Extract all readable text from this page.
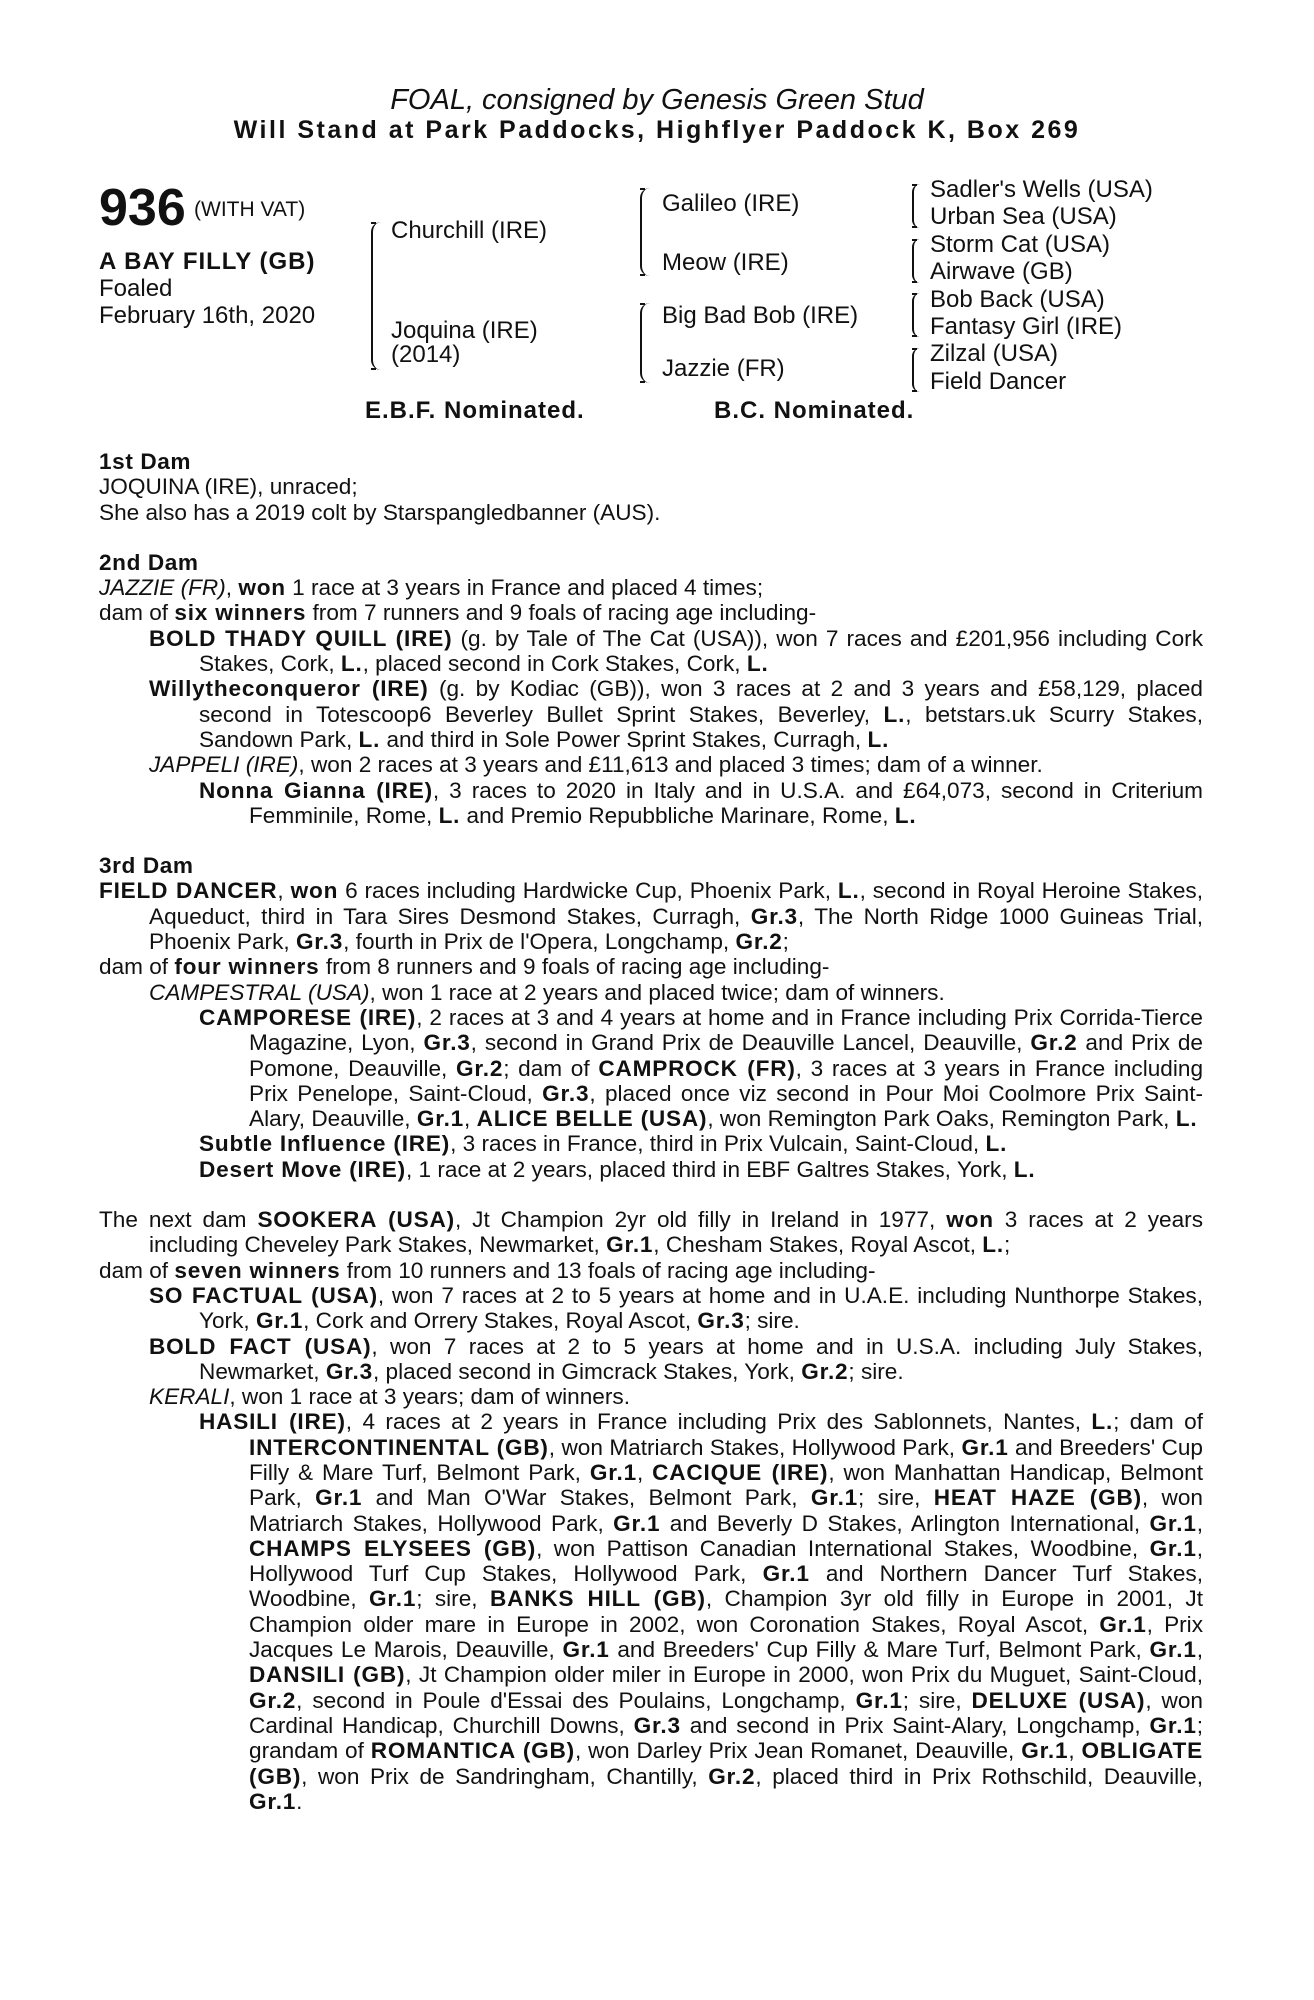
FOAL, consigned by Genesis Green Stud
Will Stand at Park Paddocks, Highflyer Paddock K, Box 269
936 (WITH VAT)
A BAY FILLY (GB)
Foaled
February 16th, 2020
Churchill (IRE)
Joquina (IRE)
(2014)
Galileo (IRE)
Meow (IRE)
Big Bad Bob (IRE)
Jazzie (FR)
Sadler's Wells (USA)
Urban Sea (USA)
Storm Cat (USA)
Airwave (GB)
Bob Back (USA)
Fantasy Girl (IRE)
Zilzal (USA)
Field Dancer
E.B.F. Nominated.	B.C. Nominated.
1st Dam

JOQUINA (IRE), unraced;

She also has a 2019 colt by Starspangledbanner (AUS).

2nd Dam

JAZZIE (FR), won 1 race at 3 years in France and placed 4 times;

dam of six winners from 7 runners and 9 foals of racing age including-

BOLD THADY QUILL (IRE) (g. by Tale of The Cat (USA)), won 7 races and £201,956 including Cork Stakes, Cork, L., placed second in Cork Stakes, Cork, L.

Willytheconqueror (IRE) (g. by Kodiac (GB)), won 3 races at 2 and 3 years and £58,129, placed second in Totescoop6 Beverley Bullet Sprint Stakes, Beverley, L., betstars.uk Scurry Stakes, Sandown Park, L. and third in Sole Power Sprint Stakes, Curragh, L.

JAPPELI (IRE), won 2 races at 3 years and £11,613 and placed 3 times; dam of a winner.

Nonna Gianna (IRE), 3 races to 2020 in Italy and in U.S.A. and £64,073, second in Criterium Femminile, Rome, L. and Premio Repubbliche Marinare, Rome, L.

3rd Dam

FIELD DANCER, won 6 races including Hardwicke Cup, Phoenix Park, L., second in Royal Heroine Stakes, Aqueduct, third in Tara Sires Desmond Stakes, Curragh, Gr.3, The North Ridge 1000 Guineas Trial, Phoenix Park, Gr.3, fourth in Prix de l'Opera, Longchamp, Gr.2;

dam of four winners from 8 runners and 9 foals of racing age including-

CAMPESTRAL (USA), won 1 race at 2 years and placed twice; dam of winners.

CAMPORESE (IRE), 2 races at 3 and 4 years at home and in France including Prix Corrida-Tierce Magazine, Lyon, Gr.3, second in Grand Prix de Deauville Lancel, Deauville, Gr.2 and Prix de Pomone, Deauville, Gr.2; dam of CAMPROCK (FR), 3 races at 3 years in France including Prix Penelope, Saint-Cloud, Gr.3, placed once viz second in Pour Moi Coolmore Prix Saint-Alary, Deauville, Gr.1, ALICE BELLE (USA), won Remington Park Oaks, Remington Park, L.

Subtle Influence (IRE), 3 races in France, third in Prix Vulcain, Saint-Cloud, L.

Desert Move (IRE), 1 race at 2 years, placed third in EBF Galtres Stakes, York, L.

The next dam SOOKERA (USA), Jt Champion 2yr old filly in Ireland in 1977, won 3 races at 2 years including Cheveley Park Stakes, Newmarket, Gr.1, Chesham Stakes, Royal Ascot, L.;

dam of seven winners from 10 runners and 13 foals of racing age including-

SO FACTUAL (USA), won 7 races at 2 to 5 years at home and in U.A.E. including Nunthorpe Stakes, York, Gr.1, Cork and Orrery Stakes, Royal Ascot, Gr.3; sire.

BOLD FACT (USA), won 7 races at 2 to 5 years at home and in U.S.A. including July Stakes, Newmarket, Gr.3, placed second in Gimcrack Stakes, York, Gr.2; sire.

KERALI, won 1 race at 3 years; dam of winners.

HASILI (IRE), 4 races at 2 years in France including Prix des Sablonnets, Nantes, L.; dam of INTERCONTINENTAL (GB), won Matriarch Stakes, Hollywood Park, Gr.1 and Breeders' Cup Filly & Mare Turf, Belmont Park, Gr.1, CACIQUE (IRE), won Manhattan Handicap, Belmont Park, Gr.1 and Man O'War Stakes, Belmont Park, Gr.1; sire, HEAT HAZE (GB), won Matriarch Stakes, Hollywood Park, Gr.1 and Beverly D Stakes, Arlington International, Gr.1, CHAMPS ELYSEES (GB), won Pattison Canadian International Stakes, Woodbine, Gr.1, Hollywood Turf Cup Stakes, Hollywood Park, Gr.1 and Northern Dancer Turf Stakes, Woodbine, Gr.1; sire, BANKS HILL (GB), Champion 3yr old filly in Europe in 2001, Jt Champion older mare in Europe in 2002, won Coronation Stakes, Royal Ascot, Gr.1, Prix Jacques Le Marois, Deauville, Gr.1 and Breeders' Cup Filly & Mare Turf, Belmont Park, Gr.1, DANSILI (GB), Jt Champion older miler in Europe in 2000, won Prix du Muguet, Saint-Cloud, Gr.2, second in Poule d'Essai des Poulains, Longchamp, Gr.1; sire, DELUXE (USA), won Cardinal Handicap, Churchill Downs, Gr.3 and second in Prix Saint-Alary, Longchamp, Gr.1; grandam of ROMANTICA (GB), won Darley Prix Jean Romanet, Deauville, Gr.1, OBLIGATE (GB), won Prix de Sandringham, Chantilly, Gr.2, placed third in Prix Rothschild, Deauville, Gr.1.
